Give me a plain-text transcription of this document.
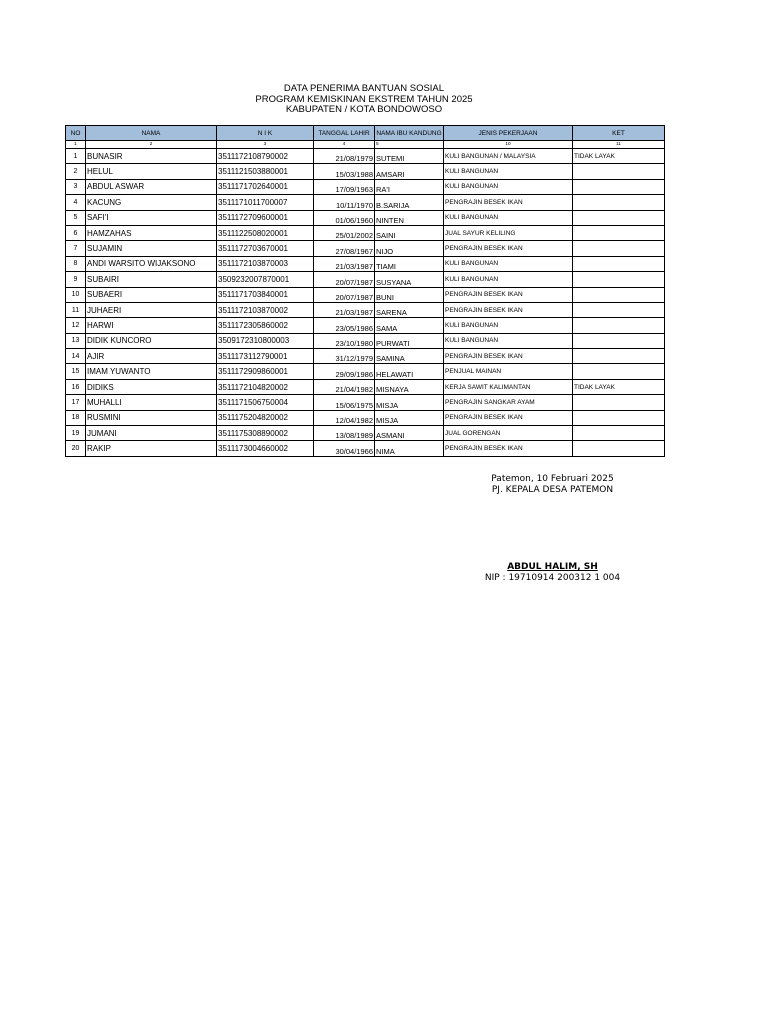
DATA PENERIMA BANTUAN SOSIAL
PROGRAM KEMISKINAN EKSTREM TAHUN 2025
KABUPATEN / KOTA BONDOWOSO
NO	NAMA	N I K	TANGGAL LAHIR	NAMA IBU KANDUNG	JENIS PEKERJAAN	KET
1	2	3	4	5	10	11
1	BUNASIR	3511172108790002	21/08/1979	SUTEMI	KULI BANGUNAN / MALAYSIA	TIDAK LAYAK
2	HELUL	3511121503880001	15/03/1988	AMSARI	KULI BANGUNAN	
3	ABDUL ASWAR	3511171702640001	17/09/1963	RA'I	KULI BANGUNAN	
4	KACUNG	3511171011700007	10/11/1970	B.SARIJA	PENGRAJIN BESEK IKAN	
5	SAFI'I	3511172709600001	01/06/1960	NINTEN	KULI BANGUNAN	
6	HAMZAHAS	3511122508020001	25/01/2002	SAINI	JUAL SAYUR KELILING	
7	SUJAMIN	3511172703670001	27/08/1967	NIJO	PENGRAJIN BESEK IKAN	
8	ANDI WARSITO WIJAKSONO	3511172103870003	21/03/1987	TIAMI	KULI BANGUNAN	
9	SUBAIRI	3509232007870001	20/07/1987	SUSYANA	KULI BANGUNAN	
10	SUBAERI	3511171703840001	20/07/1987	BUNI	PENGRAJIN BESEK IKAN	
11	JUHAERI	3511172103870002	21/03/1987	SARENA	PENGRAJIN BESEK IKAN	
12	HARWI	3511172305860002	23/05/1986	SAMA	KULI BANGUNAN	
13	DIDIK KUNCORO	3509172310800003	23/10/1980	PURWATI	KULI BANGUNAN	
14	AJIR	3511173112790001	31/12/1979	SAMINA	PENGRAJIN BESEK IKAN	
15	IMAM YUWANTO	3511172909860001	29/09/1986	HELAWATI	PENJUAL MAINAN	
16	DIDIKS	3511172104820002	21/04/1982	MISNAYA	KERJA SAWIT KALIMANTAN	TIDAK LAYAK
17	MUHALLI	3511171506750004	15/06/1975	MISJA	PENGRAJIN SANGKAR AYAM	
18	RUSMINI	3511175204820002	12/04/1982	MISJA	PENGRAJIN BESEK IKAN	
19	JUMANI	3511175308890002	13/08/1989	ASMANI	JUAL GORENGAN	
20	RAKIP	3511173004660002	30/04/1966	NIMA	PENGRAJIN BESEK IKAN	
Patemon, 10 Februari 2025
PJ. KEPALA DESA PATEMON
ABDUL HALIM, SH
NIP : 19710914 200312 1 004
